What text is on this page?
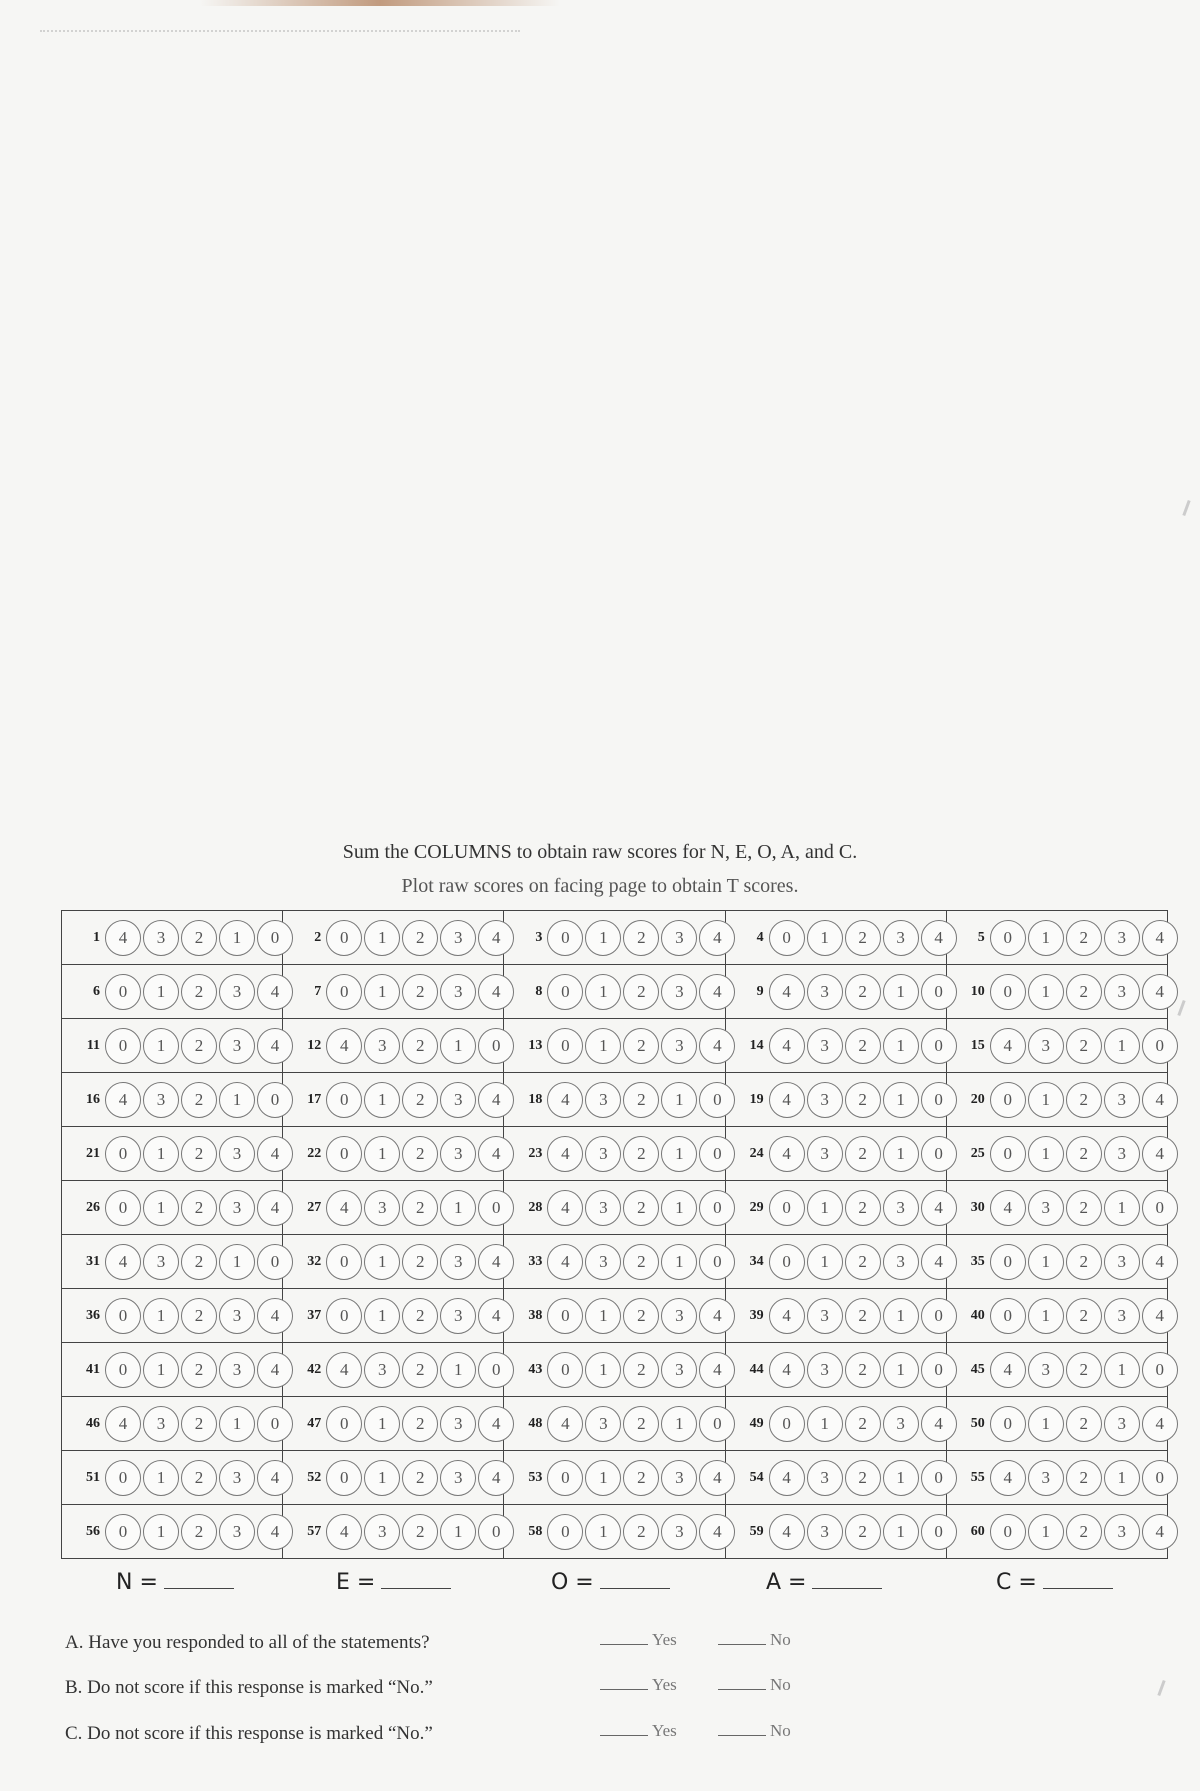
Sum the COLUMNS to obtain raw scores for N, E, O, A, and C.
Plot raw scores on facing page to obtain T scores.
1 4 3 2 1 0	2 0 1 2 3 4	3 0 1 2 3 4	4 0 1 2 3 4	5 0 1 2 3 4
6 0 1 2 3 4	7 0 1 2 3 4	8 0 1 2 3 4	9 4 3 2 1 0	10 0 1 2 3 4
11 0 1 2 3 4	12 4 3 2 1 0	13 0 1 2 3 4	14 4 3 2 1 0	15 4 3 2 1 0
16 4 3 2 1 0	17 0 1 2 3 4	18 4 3 2 1 0	19 4 3 2 1 0	20 0 1 2 3 4
21 0 1 2 3 4	22 0 1 2 3 4	23 4 3 2 1 0	24 4 3 2 1 0	25 0 1 2 3 4
26 0 1 2 3 4	27 4 3 2 1 0	28 4 3 2 1 0	29 0 1 2 3 4	30 4 3 2 1 0
31 4 3 2 1 0	32 0 1 2 3 4	33 4 3 2 1 0	34 0 1 2 3 4	35 0 1 2 3 4
36 0 1 2 3 4	37 0 1 2 3 4	38 0 1 2 3 4	39 4 3 2 1 0	40 0 1 2 3 4
41 0 1 2 3 4	42 4 3 2 1 0	43 0 1 2 3 4	44 4 3 2 1 0	45 4 3 2 1 0
46 4 3 2 1 0	47 0 1 2 3 4	48 4 3 2 1 0	49 0 1 2 3 4	50 0 1 2 3 4
51 0 1 2 3 4	52 0 1 2 3 4	53 0 1 2 3 4	54 4 3 2 1 0	55 4 3 2 1 0
56 0 1 2 3 4	57 4 3 2 1 0	58 0 1 2 3 4	59 4 3 2 1 0	60 0 1 2 3 4
N =	E =	O =	A =	C =
A. Have you responded to all of the statements?	Yes	No
B. Do not score if this response is marked “No.”	Yes	No
C. Do not score if this response is marked “No.”	Yes	No
